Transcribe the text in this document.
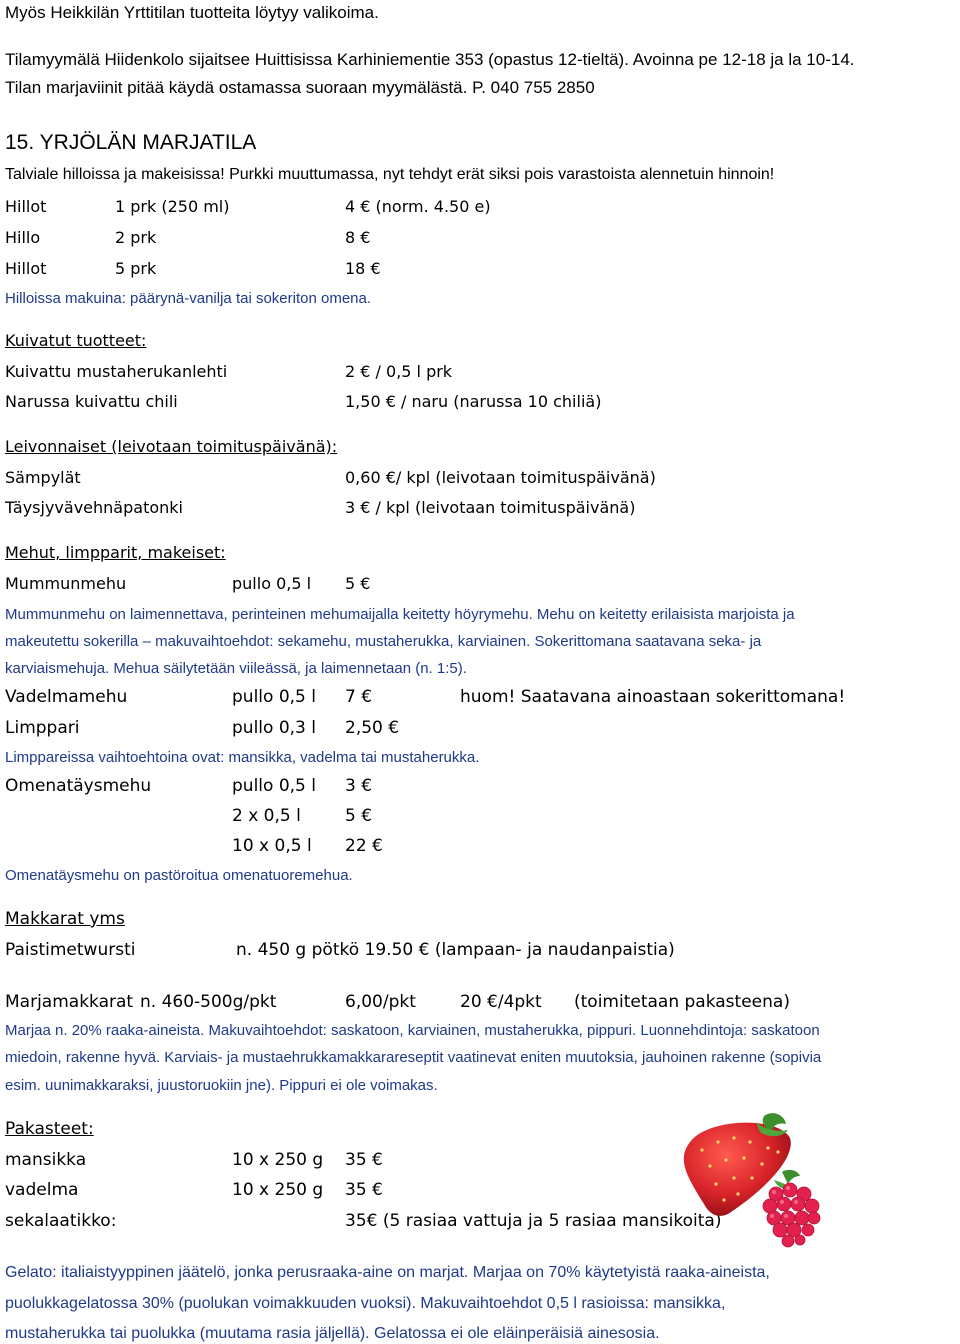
Myös Heikkilän Yrttitilan tuotteita löytyy valikoima.
Tilamyymälä Hiidenkolo sijaitsee Huittisissa Karhiniementie 353 (opastus 12-tieltä). Avoinna pe 12-18 ja la 10-14.
Tilan marjaviinit pitää käydä ostamassa suoraan myymälästä. P. 040 755 2850
15. YRJÖLÄN MARJATILA
Talviale hilloissa ja makeisissa! Purkki muuttumassa, nyt tehdyt erät siksi pois varastoista alennetuin hinnoin!
Hillot	1 prk (250 ml)	4 € (norm. 4.50 e)
Hillo	2 prk	8 €
Hillot	5 prk	18 €
Hilloissa makuina: päärynä-vanilja tai sokeriton omena.
Kuivatut tuotteet:
Kuivattu mustaherukanlehti	2 € / 0,5 l prk
Narussa kuivattu chili	1,50 € / naru (narussa 10 chiliä)
Leivonnaiset (leivotaan toimituspäivänä):
Sämpylät	0,60 €/ kpl (leivotaan toimituspäivänä)
Täysjyvävehnäpatonki	3 € / kpl (leivotaan toimituspäivänä)
Mehut, limpparit, makeiset:
Mummunmehu	pullo 0,5 l 5 €
Mummunmehu on laimennettava, perinteinen mehumaijalla keitetty höyrymehu. Mehu on keitetty erilaisista marjoista ja
makeutettu sokerilla – makuvaihtoehdot: sekamehu, mustaherukka, karviainen. Sokerittomana saatavana seka- ja
karviaismehuja. Mehua säilytetään viileässä, ja laimennetaan (n. 1:5).
Vadelmamehu	pullo 0,5 l 7 €	huom! Saatavana ainoastaan sokerittomana!
Limppari	pullo 0,3 l 2,50 €
Limppareissa vaihtoehtoina ovat: mansikka, vadelma tai mustaherukka.
Omenatäysmehu	pullo 0,5 l 3 €
2 x 0,5 l	5 €
10 x 0,5 l 22 €
Omenatäysmehu on pastöroitua omenatuoremehua.
Makkarat yms
Paistimetwursti	n. 450 g pötkö 19.50 € (lampaan- ja naudanpaistia)
Marjamakkarat n. 460-500g/pkt	6,00/pkt	20 €/4pkt (toimitetaan pakasteena)
Marjaa n. 20% raaka-aineista. Makuvaihtoehdot: saskatoon, karviainen, mustaherukka, pippuri. Luonnehdintoja: saskatoon
miedoin, rakenne hyvä. Karviais- ja mustaehrukkamakkarareseptit vaatinevat eniten muutoksia, jauhoinen rakenne (sopivia
esim. uunimakkaraksi, juustoruokiin jne). Pippuri ei ole voimakas.
Pakasteet:
mansikka	10 x 250 g 35 €
vadelma	10 x 250 g 35 €
sekalaatikko:	35€ (5 rasiaa vattuja ja 5 rasiaa mansikoita)
Gelato: italiaistyyppinen jäätelö, jonka perusraaka-aine on marjat. Marjaa on 70% käytetyistä raaka-aineista,
puolukkagelatossa 30% (puolukan voimakkuuden vuoksi). Makuvaihtoehdot 0,5 l rasioissa: mansikka,
mustaherukka tai puolukka (muutama rasia jäljellä). Gelatossa ei ole eläinperäisiä ainesosia.
